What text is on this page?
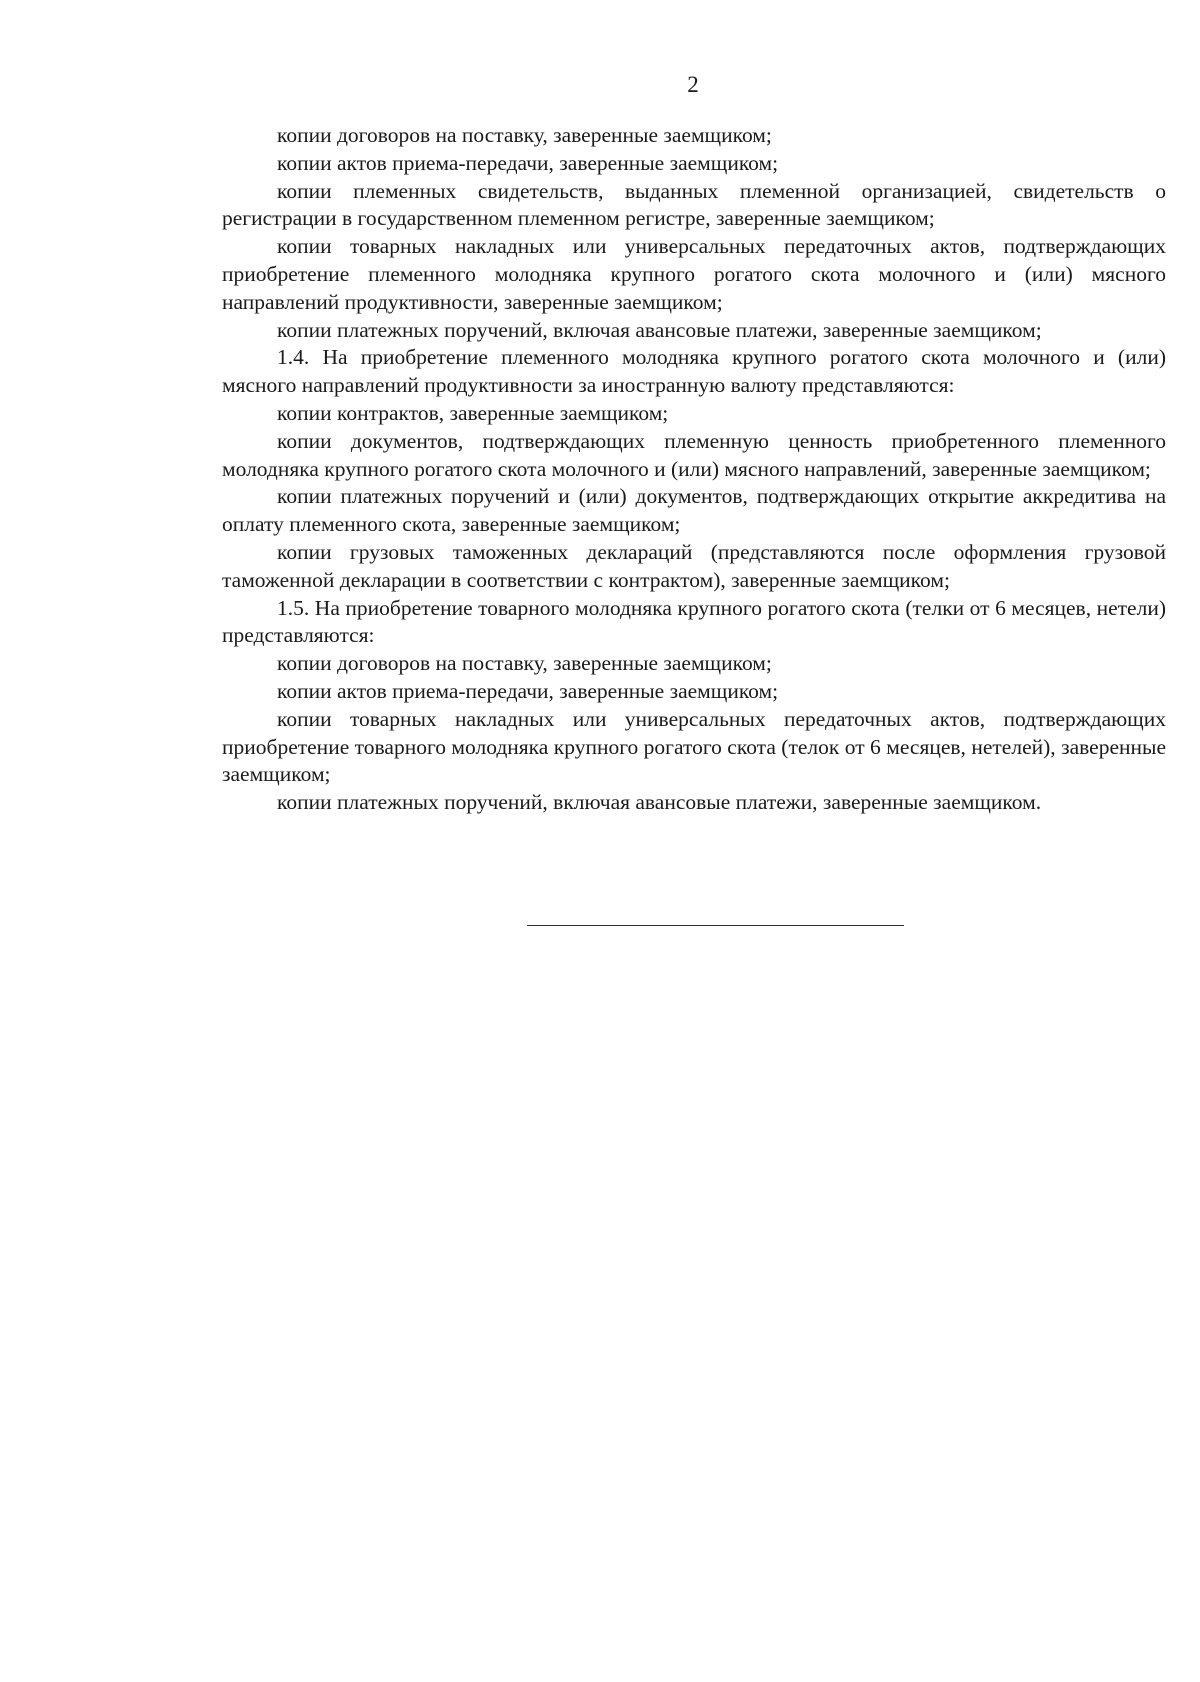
2

копии договоров на поставку, заверенные заемщиком;

копии актов приема-передачи, заверенные заемщиком;

копии племенных свидетельств, выданных племенной организацией, свидетельств о регистрации в государственном племенном регистре, заверенные заемщиком;

копии товарных накладных или универсальных передаточных актов, подтверждающих приобретение племенного молодняка крупного рогатого скота молочного и (или) мясного направлений продуктивности, заверенные заемщиком;

копии платежных поручений, включая авансовые платежи, заверенные заемщиком;

1.4. На приобретение племенного молодняка крупного рогатого скота молочного и (или) мясного направлений продуктивности за иностранную валюту представляются:

копии контрактов, заверенные заемщиком;

копии документов, подтверждающих племенную ценность приобретенного племенного молодняка крупного рогатого скота молочного и (или) мясного направлений, заверенные заемщиком;

копии платежных поручений и (или) документов, подтверждающих открытие аккредитива на оплату племенного скота, заверенные заемщиком;

копии грузовых таможенных деклараций (представляются после оформления грузовой таможенной декларации в соответствии с контрактом), заверенные заемщиком;

1.5. На приобретение товарного молодняка крупного рогатого скота (телки от 6 месяцев, нетели) представляются:

копии договоров на поставку, заверенные заемщиком;

копии актов приема-передачи, заверенные заемщиком;

копии товарных накладных или универсальных передаточных актов, подтверждающих приобретение товарного молодняка крупного рогатого скота (телок от 6 месяцев, нетелей), заверенные заемщиком;

копии платежных поручений, включая авансовые платежи, заверенные заемщиком.
